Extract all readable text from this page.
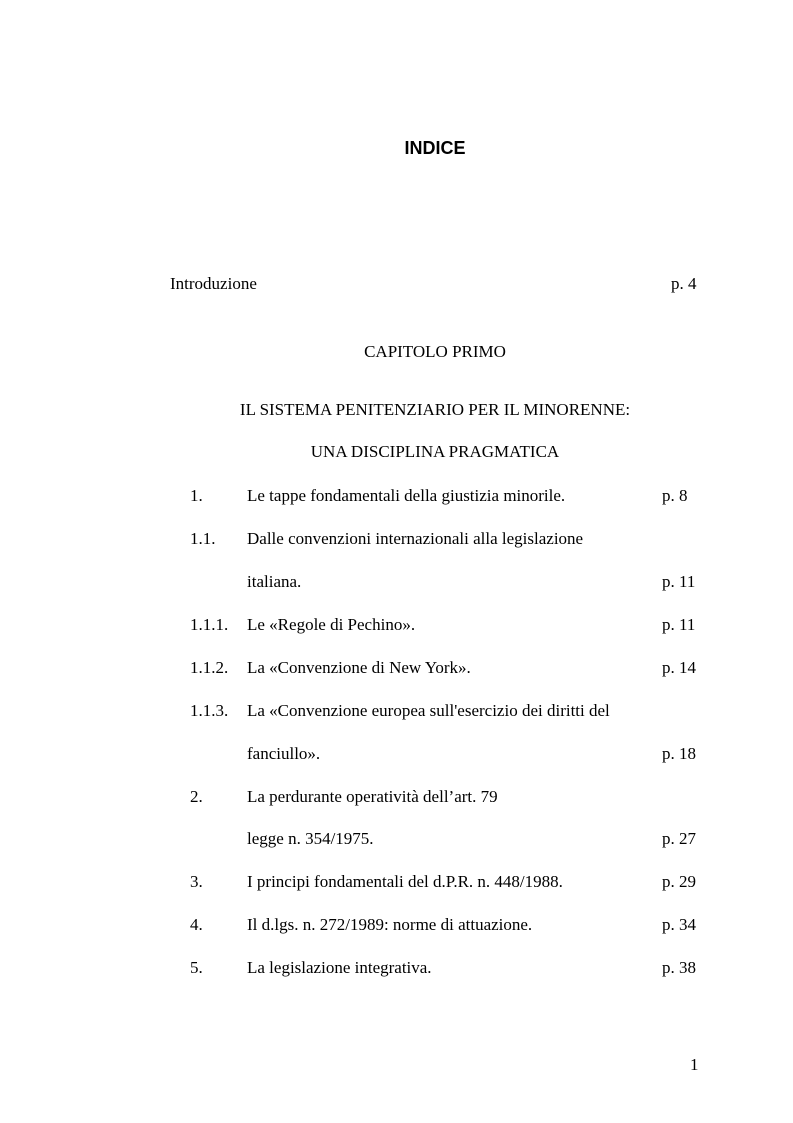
INDICE
Introduzione	p. 4
CAPITOLO PRIMO
IL SISTEMA PENITENZIARIO PER IL MINORENNE:
UNA DISCIPLINA PRAGMATICA
1.	Le tappe fondamentali della giustizia minorile.	p. 8
1.1. Dalle convenzioni internazionali alla legislazione
italiana.	p. 11
1.1.1. Le «Regole di Pechino».	p. 11
1.1.2. La «Convenzione di New York».	p. 14
1.1.3. La «Convenzione europea sull'esercizio dei diritti del
fanciullo».	p. 18
2.	La perdurante operatività dell’art. 79
legge n. 354/1975.	p. 27
3.	I principi fondamentali del d.P.R. n. 448/1988.	p. 29
4.	Il d.lgs. n. 272/1989: norme di attuazione.	p. 34
5.	La legislazione integrativa.	p. 38
1
